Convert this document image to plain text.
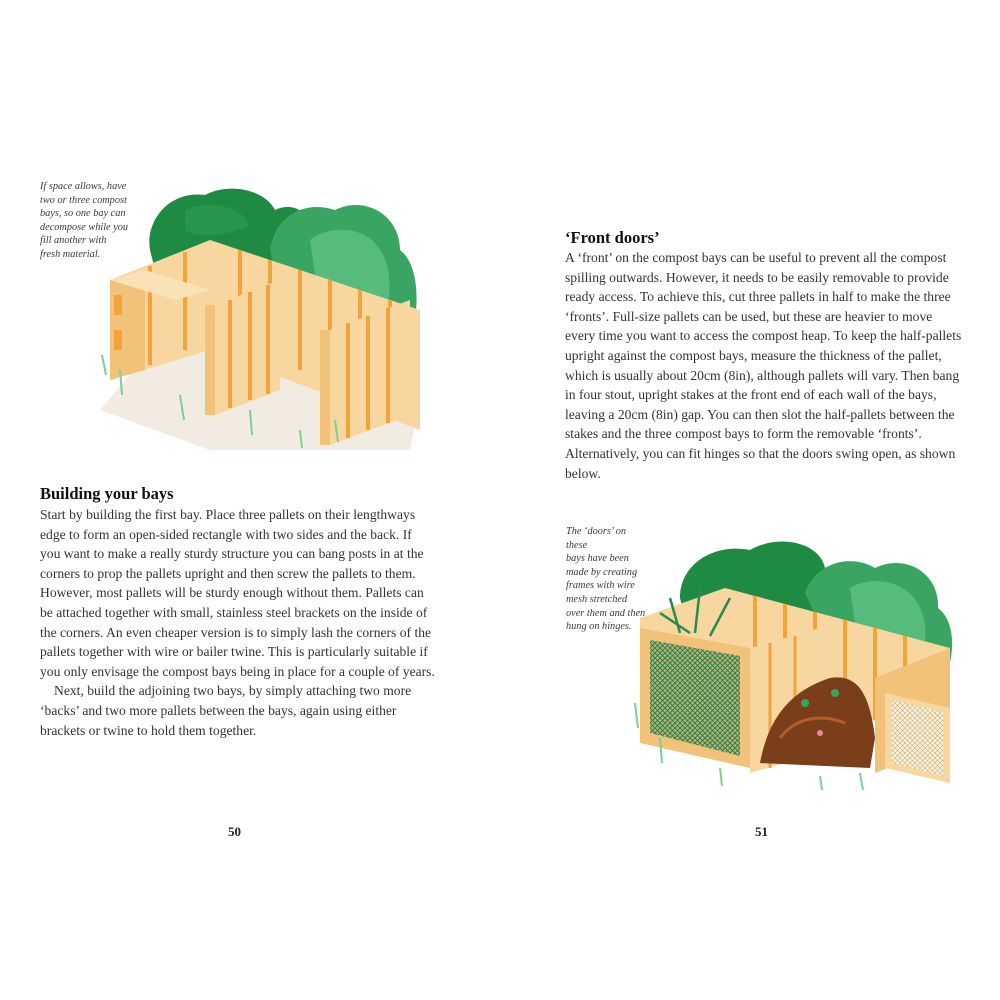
If space allows, have
two or three compost
bays, so one bay can
decompose while you
fill another with
fresh material.
Building your bays

Start by building the first bay. Place three pallets on their lengthways edge to form an open-sided rectangle with two sides and the back. If you want to make a really sturdy structure you can bang posts in at the corners to prop the pallets upright and then screw the pallets to them. However, most pallets will be sturdy enough without them. Pallets can be attached together with small, stainless steel brackets on the inside of the corners. An even cheaper version is to simply lash the corners of the pallets together with wire or bailer twine. This is particularly suitable if you only envisage the compost bays being in place for a couple of years.

Next, build the adjoining two bays, by simply attaching two more ‘backs’ and two more pallets between the bays, again using either brackets or twine to hold them together.

50
‘Front doors’

A ‘front’ on the compost bays can be useful to prevent all the compost spilling outwards. However, it needs to be easily removable to provide ready access. To achieve this, cut three pallets in half to make the three ‘fronts’. Full-size pallets can be used, but these are heavier to move every time you want to access the compost heap. To keep the half-pallets upright against the compost bays, measure the thickness of the pallet, which is usually about 20cm (8in), although pallets will vary. Then bang in four stout, upright stakes at the front end of each wall of the bays, leaving a 20cm (8in) gap. You can then slot the half-pallets between the stakes and the three compost bays to form the removable ‘fronts’. Alternatively, you can fit hinges so that the doors swing open, as shown below.

The ‘doors’ on these
bays have been
made by creating
frames with wire
mesh stretched
over them and then
hung on hinges.
51
